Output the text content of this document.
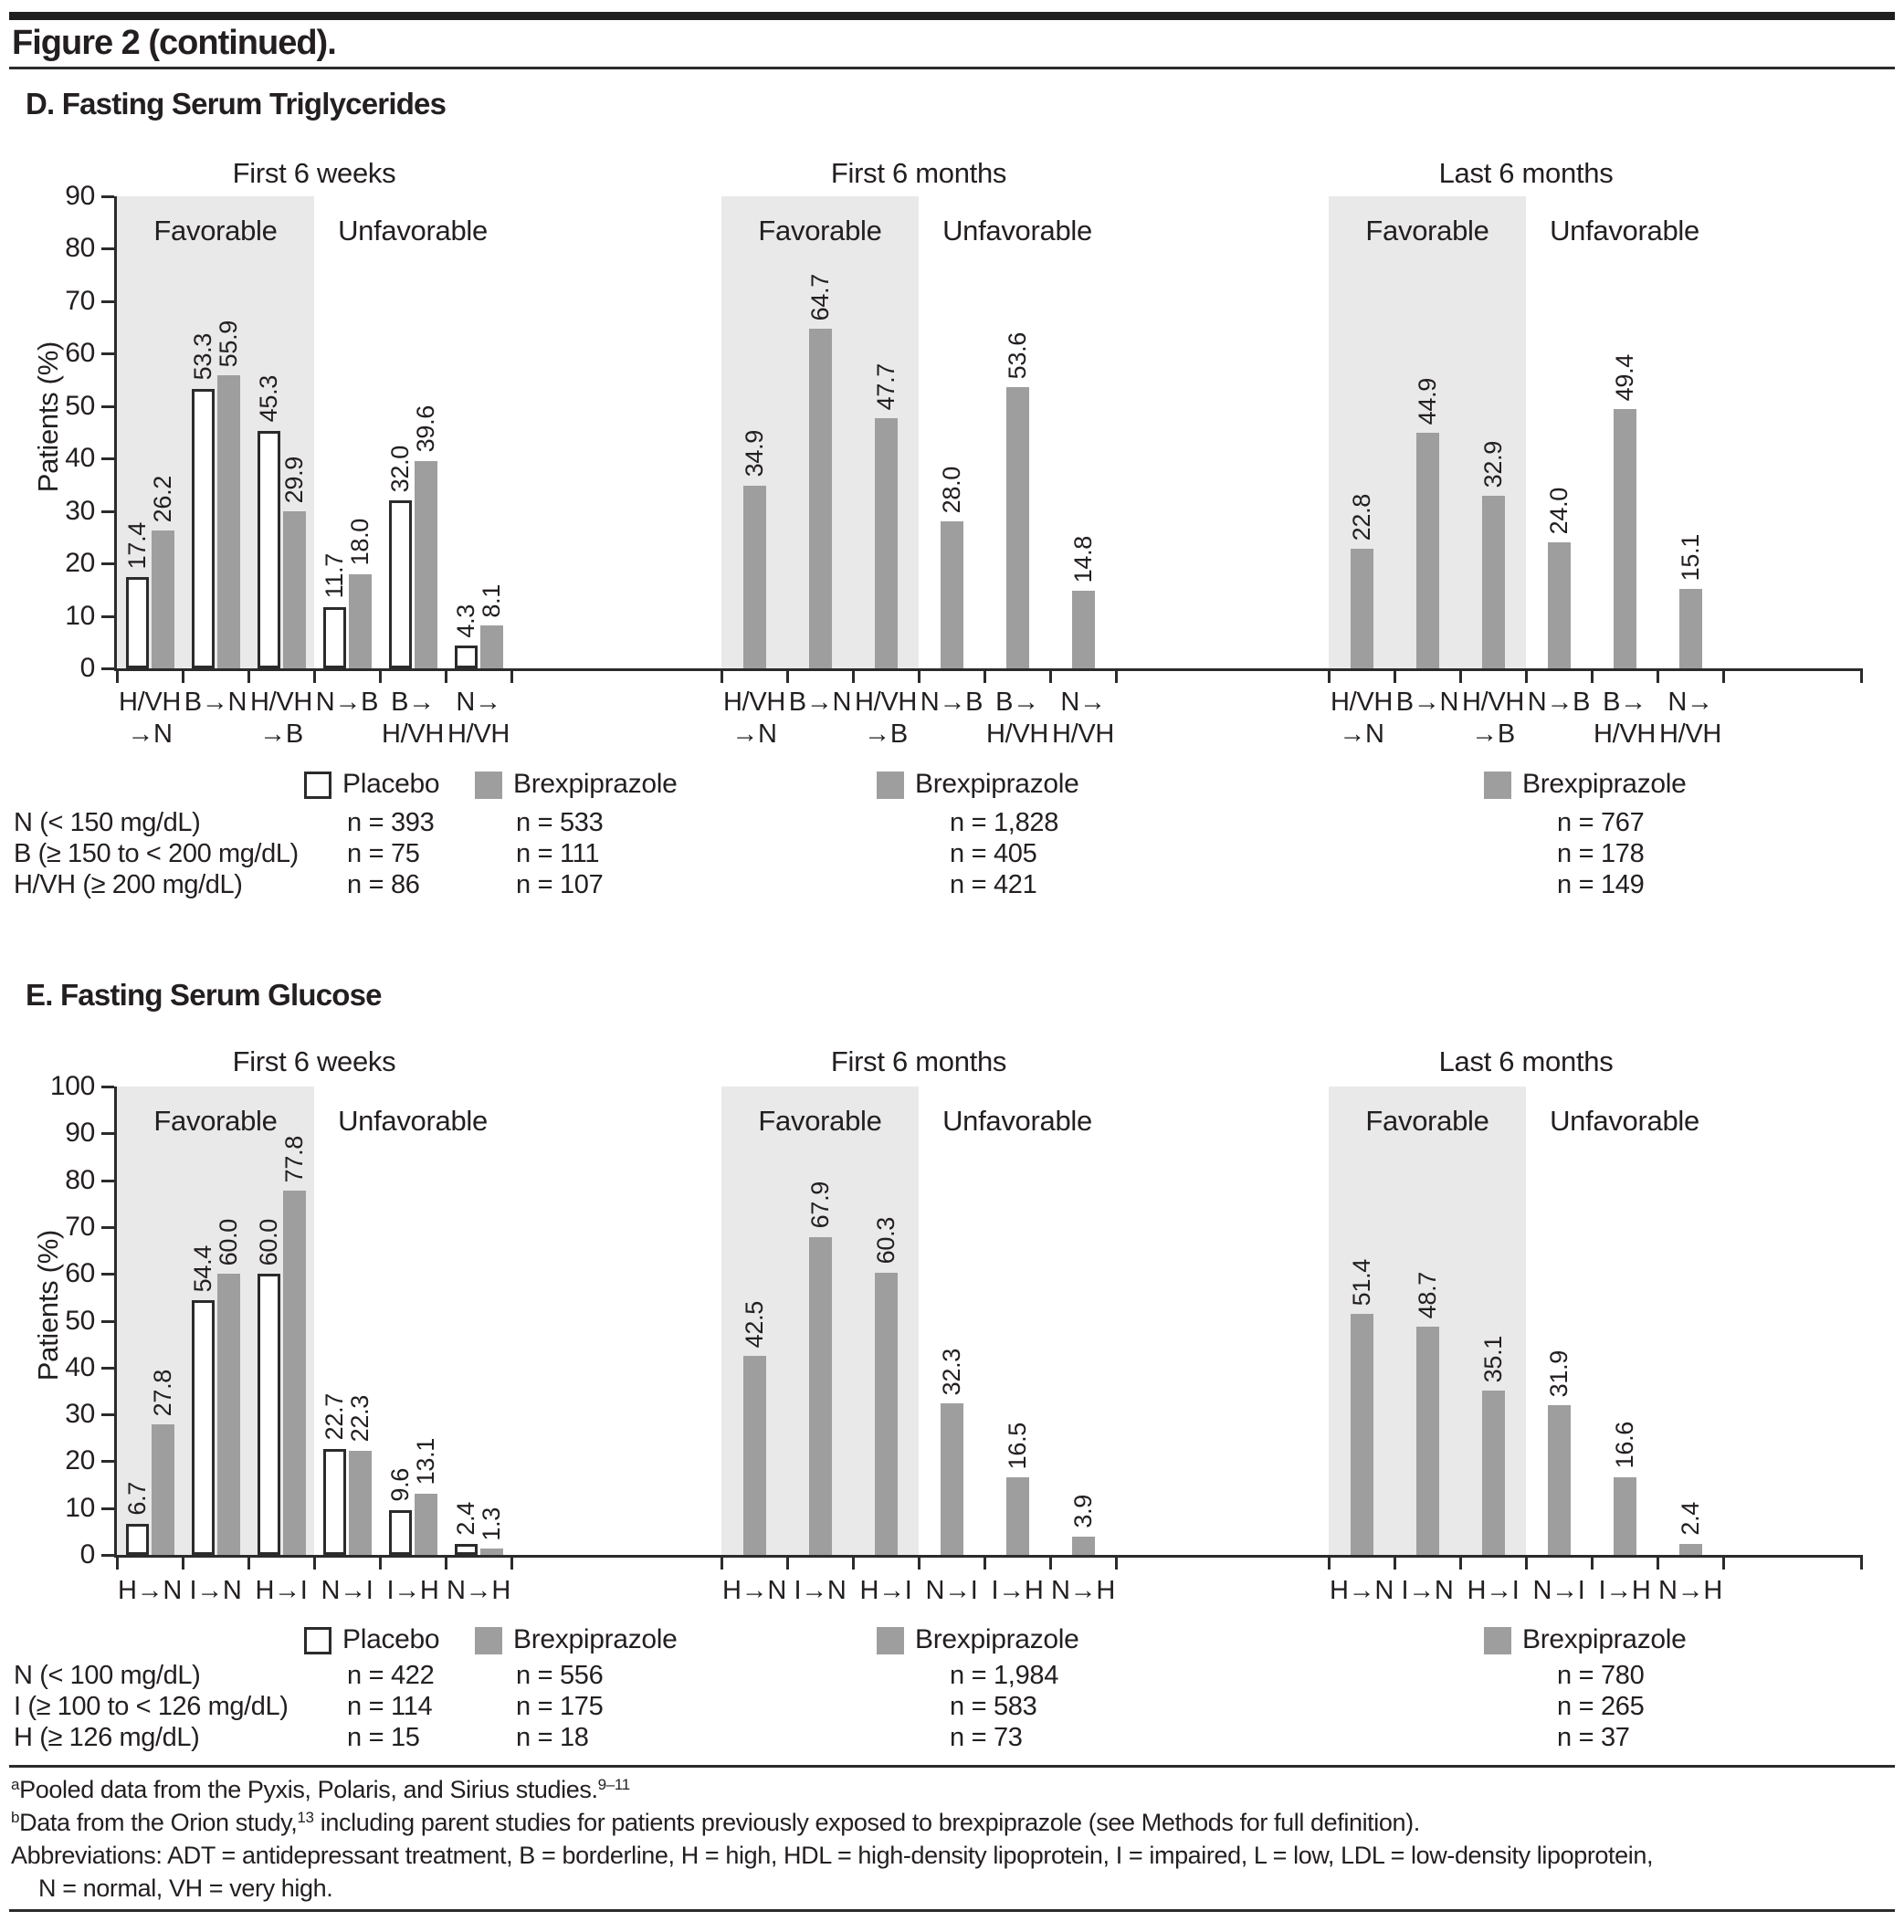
Figure 2 (continued).
D. Fasting Serum Triglycerides
E. Fasting Serum Glucose
Patients (%)
First 6 weeks
Favorable	Unfavorable
First 6 months
Favorable	Unfavorable
Last 6 months
Favorable	Unfavorable
0
10
20
30
40
50
60
70
80
90
17.4
53.3
45.3
11.7
32.0
4.3
26.2
55.9
29.9
18.0
39.6
8.1
H/VH
→N
B→N H/VH
→B
N→B B→
H/VH
N→
H/VH
Placebo	Brexpiprazole
34.9
64.7
47.7
28.0
53.6
14.8
H/VH
→N
B→N H/VH
→B
N→B B→
H/VH
N→
H/VH
Brexpiprazole
22.8
44.9
32.9
24.0
49.4
15.1
H/VH
→N
B→N H/VH
→B
N→B B→
H/VH
N→
H/VH
Brexpiprazole
N (< 150 mg/dL)	n = 393	n = 533	n = 1,828	n = 767
B (≥ 150 to < 200 mg/dL) n = 75	n = 111	n = 405	n = 178
H/VH (≥ 200 mg/dL)	n = 86	n = 107	n = 421	n = 149
Patients (%)
First 6 weeks
Favorable	Unfavorable
First 6 months
Favorable	Unfavorable
Last 6 months
Favorable	Unfavorable
0
10
20
30
40
50
60
70
80
90
100
6.7
54.4
60.0
22.7
9.6
2.4
27.8
60.0
77.8
22.3
13.1
1.3
H→N I→N H→I N→I I→H N→H
Placebo	Brexpiprazole
42.5
67.9
60.3
32.3
16.5
3.9
H→N I→N H→I N→I I→H N→H
Brexpiprazole
51.4 48.7
35.1 31.9
16.6
2.4
H→N I→N H→I N→I I→H N→H
Brexpiprazole
N (< 100 mg/dL)	n = 422	n = 556	n = 1,984	n = 780
I (≥ 100 to < 126 mg/dL) n = 114	n = 175	n = 583	n = 265
H (≥ 126 mg/dL)	n = 15	n = 18	n = 73	n = 37
$^a$Pooled data from the Pyxis, Polaris, and Sirius studies.$^{9-11}$
$^b$Data from the Orion study,$^{13}$ including parent studies for patients previously exposed to brexpiprazole (see Methods for full definition).
Abbreviations: ADT = antidepressant treatment, B = borderline, H = high, HDL = high-density lipoprotein, I = impaired, L = low, LDL = low-density lipoprotein,
N = normal, VH = very high.
